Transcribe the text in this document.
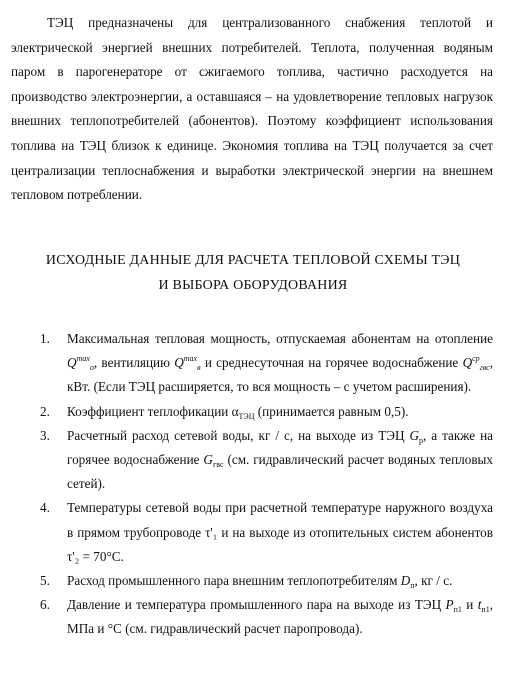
ТЭЦ предназначены для централизованного снабжения теплотой и электрической энергией внешних потребителей. Теплота, полученная водяным паром в парогенераторе от сжигаемого топлива, частично расходуется на производство электроэнергии, а оставшаяся – на удовлетворение тепловых нагрузок внешних теплопотребителей (абонентов). Поэтому коэффициент использования топлива на ТЭЦ близок к единице. Экономия топлива на ТЭЦ получается за счет централизации теплоснабжения и выработки электрической энергии на внешнем тепловом потреблении.

ИСХОДНЫЕ ДАННЫЕ ДЛЯ РАСЧЕТА ТЕПЛОВОЙ СХЕМЫ ТЭЦ
И ВЫБОРА ОБОРУДОВАНИЯ
1. Максимальная тепловая мощность, отпускаемая абонентам на отопление $Q^{max}_o$, вентиляцию $Q^{max}_в$ и среднесуточная на горячее водоснабжение $Q^{ср}_{гвс}$, кВт. (Если ТЭЦ расширяется, то вся мощность – с учетом расширения).
2. Коэффициент теплофикации $\alpha_{ТЭЦ}$ (принимается равным 0,5).
3. Расчетный расход сетевой воды, кг / с, на выходе из ТЭЦ $G_p$, а также на горячее водоснабжение $G_{гвс}$ (см. гидравлический расчет водяных тепловых сетей).
4. Температуры сетевой воды при расчетной температуре наружного воздуха в прямом трубопроводе τ'₁ и на выходе из отопительных систем абонентов τ'₂ = 70°С.
5. Расход промышленного пара внешним теплопотребителям $D_п$, кг / с.
6. Давление и температура промышленного пара на выходе из ТЭЦ $P_{п1}$ и $t_{п1}$, МПа и °С (см. гидравлический расчет паропровода).
